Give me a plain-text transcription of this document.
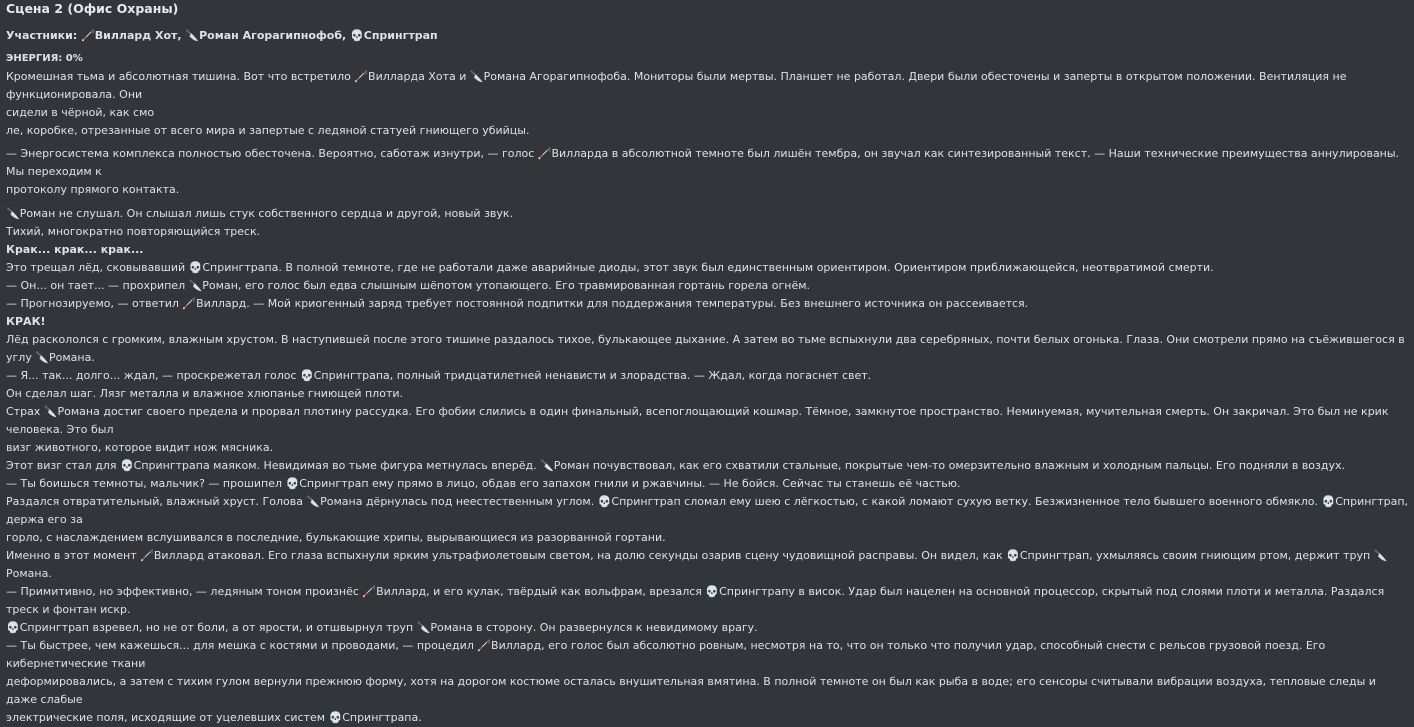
Сцена 2 (Офис Охраны)
Участники: 🦯Виллард Хот, 🔪Роман Агорагипнофоб, 💀Спрингтрап
ЭНЕРГИЯ: 0%
Кромешная тьма и абсолютная тишина. Вот что встретило 🦯Вилларда Хота и 🔪Романа Агорагипнофоба. Мониторы были мертвы. Планшет не работал. Двери были обесточены и заперты в открытом положении. Вентиляция не функционировала. Они
сидели в чёрной, как смо
ле, коробке, отрезанные от всего мира и запертые с ледяной статуей гниющего убийцы.
— Энергосистема комплекса полностью обесточена. Вероятно, саботаж изнутри, — голос 🦯Вилларда в абсолютной темноте был лишён тембра, он звучал как синтезированный текст. — Наши технические преимущества аннулированы. Мы переходим к
протоколу прямого контакта.
🔪Роман не слушал. Он слышал лишь стук собственного сердца и другой, новый звук.
Тихий, многократно повторяющийся треск.
Крак... крак... крак...
Это трещал лёд, сковывавший 💀Спрингтрапа. В полной темноте, где не работали даже аварийные диоды, этот звук был единственным ориентиром. Ориентиром приближающейся, неотвратимой смерти.
— Он... он тает... — прохрипел 🔪Роман, его голос был едва слышным шёпотом утопающего. Его травмированная гортань горела огнём.
— Прогнозируемо, — ответил 🦯Виллард. — Мой криогенный заряд требует постоянной подпитки для поддержания температуры. Без внешнего источника он рассеивается.
КРАК!
Лёд раскололся с громким, влажным хрустом. В наступившей после этого тишине раздалось тихое, булькающее дыхание. А затем во тьме вспыхнули два серебряных, почти белых огонька. Глаза. Они смотрели прямо на съёжившегося в углу 🔪Романа.
— Я... так... долго... ждал, — проскрежетал голос 💀Спрингтрапа, полный тридцатилетней ненависти и злорадства. — Ждал, когда погаснет свет.
Он сделал шаг. Лязг металла и влажное хлюпанье гниющей плоти.
Страх 🔪Романа достиг своего предела и прорвал плотину рассудка. Его фобии слились в один финальный, всепоглощающий кошмар. Тёмное, замкнутое пространство. Неминуемая, мучительная смерть. Он закричал. Это был не крик человека. Это был
визг животного, которое видит нож мясника.
Этот визг стал для 💀Спрингтрапа маяком. Невидимая во тьме фигура метнулась вперёд. 🔪Роман почувствовал, как его схватили стальные, покрытые чем-то омерзительно влажным и холодным пальцы. Его подняли в воздух.
— Ты боишься темноты, мальчик? — прошипел 💀Спрингтрап ему прямо в лицо, обдав его запахом гнили и ржавчины. — Не бойся. Сейчас ты станешь её частью.
Раздался отвратительный, влажный хруст. Голова 🔪Романа дёрнулась под неестественным углом. 💀Спрингтрап сломал ему шею с лёгкостью, с какой ломают сухую ветку. Безжизненное тело бывшего военного обмякло. 💀Спрингтрап, держа его за
горло, с наслаждением вслушивался в последние, булькающие хрипы, вырывающиеся из разорванной гортани.
Именно в этот момент 🦯Виллард атаковал. Его глаза вспыхнули ярким ультрафиолетовым светом, на долю секунды озарив сцену чудовищной расправы. Он видел, как 💀Спрингтрап, ухмыляясь своим гниющим ртом, держит труп 🔪Романа.
— Примитивно, но эффективно, — ледяным тоном произнёс 🦯Виллард, и его кулак, твёрдый как вольфрам, врезался 💀Спрингтрапу в висок. Удар был нацелен на основной процессор, скрытый под слоями плоти и металла. Раздался треск и фонтан искр.
💀Спрингтрап взревел, но не от боли, а от ярости, и отшвырнул труп 🔪Романа в сторону. Он развернулся к невидимому врагу.
— Ты быстрее, чем кажешься... для мешка с костями и проводами, — процедил 🦯Виллард, его голос был абсолютно ровным, несмотря на то, что он только что получил удар, способный снести с рельсов грузовой поезд. Его кибернетические ткани
деформировались, а затем с тихим гулом вернули прежнюю форму, хотя на дорогом костюме осталась внушительная вмятина. В полной темноте он был как рыба в воде; его сенсоры считывали вибрации воздуха, тепловые следы и даже слабые
электрические поля, исходящие от уцелевших систем 💀Спрингтрапа.
